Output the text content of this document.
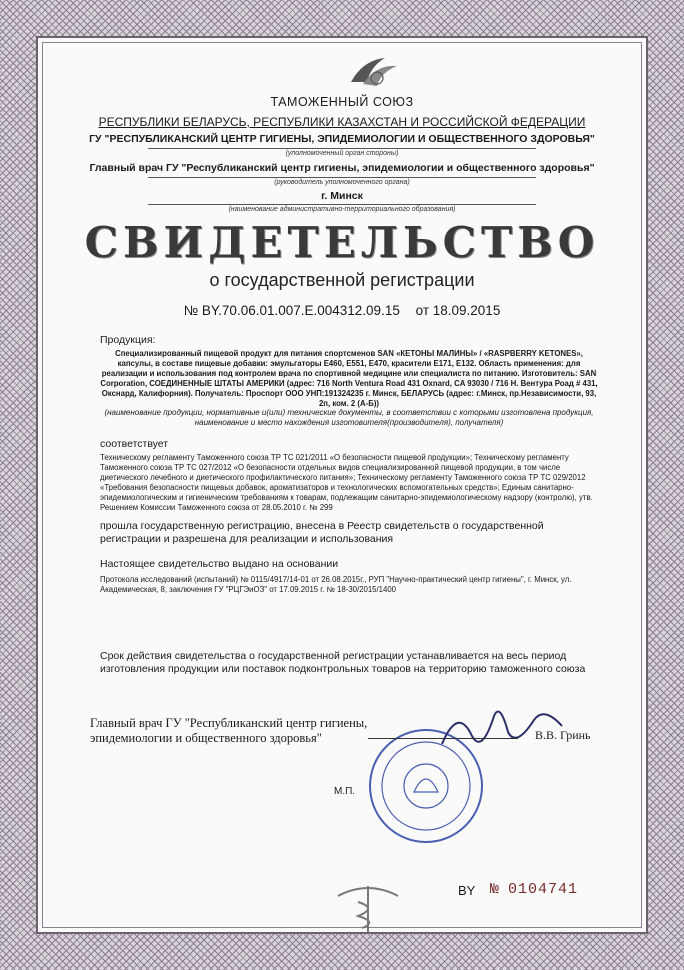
ТАМОЖЕННЫЙ СОЮЗ
РЕСПУБЛИКИ БЕЛАРУСЬ, РЕСПУБЛИКИ КАЗАХСТАН И РОССИЙСКОЙ ФЕДЕРАЦИИ
ГУ "РЕСПУБЛИКАНСКИЙ ЦЕНТР ГИГИЕНЫ, ЭПИДЕМИОЛОГИИ И ОБЩЕСТВЕННОГО ЗДОРОВЬЯ"
(уполномоченный орган стороны)
Главный врач ГУ "Республиканский центр гигиены, эпидемиологии и общественного здоровья"
(руководитель уполномоченного органа)
г. Минск
(наименование административно-территориального образования)
СВИДЕТЕЛЬСТВО
о государственной регистрации
№ BY.70.06.01.007.E.004312.09.15 от 18.09.2015
Продукция:
Специализированный пищевой продукт для питания спортсменов SAN «КЕТОНЫ МАЛИНЫ» / «RASPBERRY KETONES», капсулы, в составе пищевые добавки: эмульгаторы E460, E551, E470, красители E171, E132. Область применения: для реализации и использования под контролем врача по спортивной медицине или специалиста по питанию. Изготовитель: SAN Corporation, СОЕДИНЕННЫЕ ШТАТЫ АМЕРИКИ (адрес: 716 North Ventura Road 431 Oxnard, CA 93030 / 716 Н. Вентура Роад # 431, Окснард, Калифорния). Получатель: Проспорт ООО УНП:191324235 г. Минск, БЕЛАРУСЬ (адрес: г.Минск, пр.Независимости, 93, 2п, ком. 2 (А-Б))
(наименование продукции, нормативные и(или) технические документы, в соответствии с которыми изготовлена продукция, наименование и место нахождения изготовителя(производителя), получателя)
соответствует
Техническому регламенту Таможенного союза ТР ТС 021/2011 «О безопасности пищевой продукции»; Техническому регламенту Таможенного союза ТР ТС 027/2012 «О безопасности отдельных видов специализированной пищевой продукции, в том числе диетического лечебного и диетического профилактического питания»; Техническому регламенту Таможенного союза ТР ТС 029/2012 «Требования безопасности пищевых добавок, ароматизаторов и технологических вспомогательных средств»; Единым санитарно-эпидемиологическим и гигиеническим требованиям к товарам, подлежащим санитарно-эпидемиологическому надзору (контролю), утв. Решением Комиссии Таможенного союза от 28.05.2010 г. № 299
прошла государственную регистрацию, внесена в Реестр свидетельств о государственной регистрации и разрешена для реализации и использования
Настоящее свидетельство выдано на основании
Протокола исследований (испытаний) № 0115/4917/14-01 от 26.08.2015г., РУП "Научно-практический центр гигиены", г. Минск, ул. Академическая, 8, заключения ГУ "РЦГЭиОЗ" от 17.09.2015 г. № 18-30/2015/1400
Срок действия свидетельства о государственной регистрации устанавливается на весь период изготовления продукции или поставок подконтрольных товаров на территорию таможенного союза
Главный врач ГУ "Республиканский центр гигиены, эпидемиологии и общественного здоровья"	В.В. Гринь
М.П.
BY № 0104741
